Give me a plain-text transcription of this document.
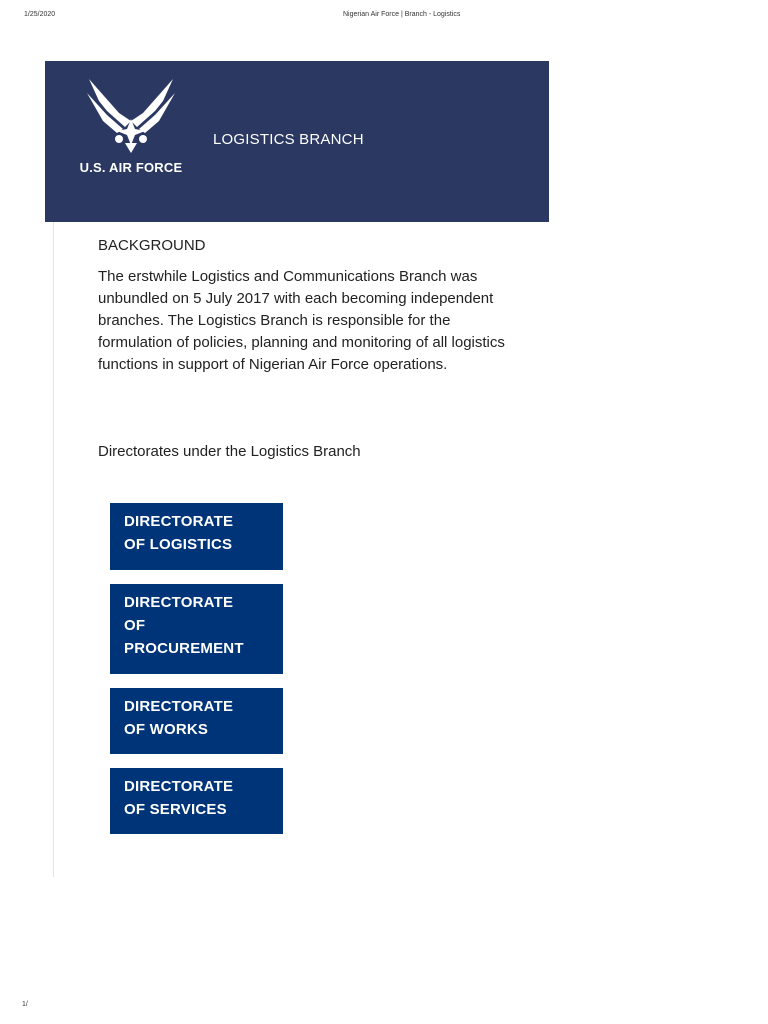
1/25/2020	Nigerian Air Force | Branch - Logistics
U.S. AIR FORCE
LOGISTICS BRANCH
BACKGROUND
The erstwhile Logistics and Communications Branch was unbundled on 5 July 2017 with each becoming independent branches. The Logistics Branch is responsible for the formulation of policies, planning and monitoring of all logistics functions in support of Nigerian Air Force operations.
Directorates under the Logistics Branch
DIRECTORATE
OF LOGISTICS
DIRECTORATE
OF
PROCUREMENT
DIRECTORATE
OF WORKS
DIRECTORATE
OF SERVICES
1/
